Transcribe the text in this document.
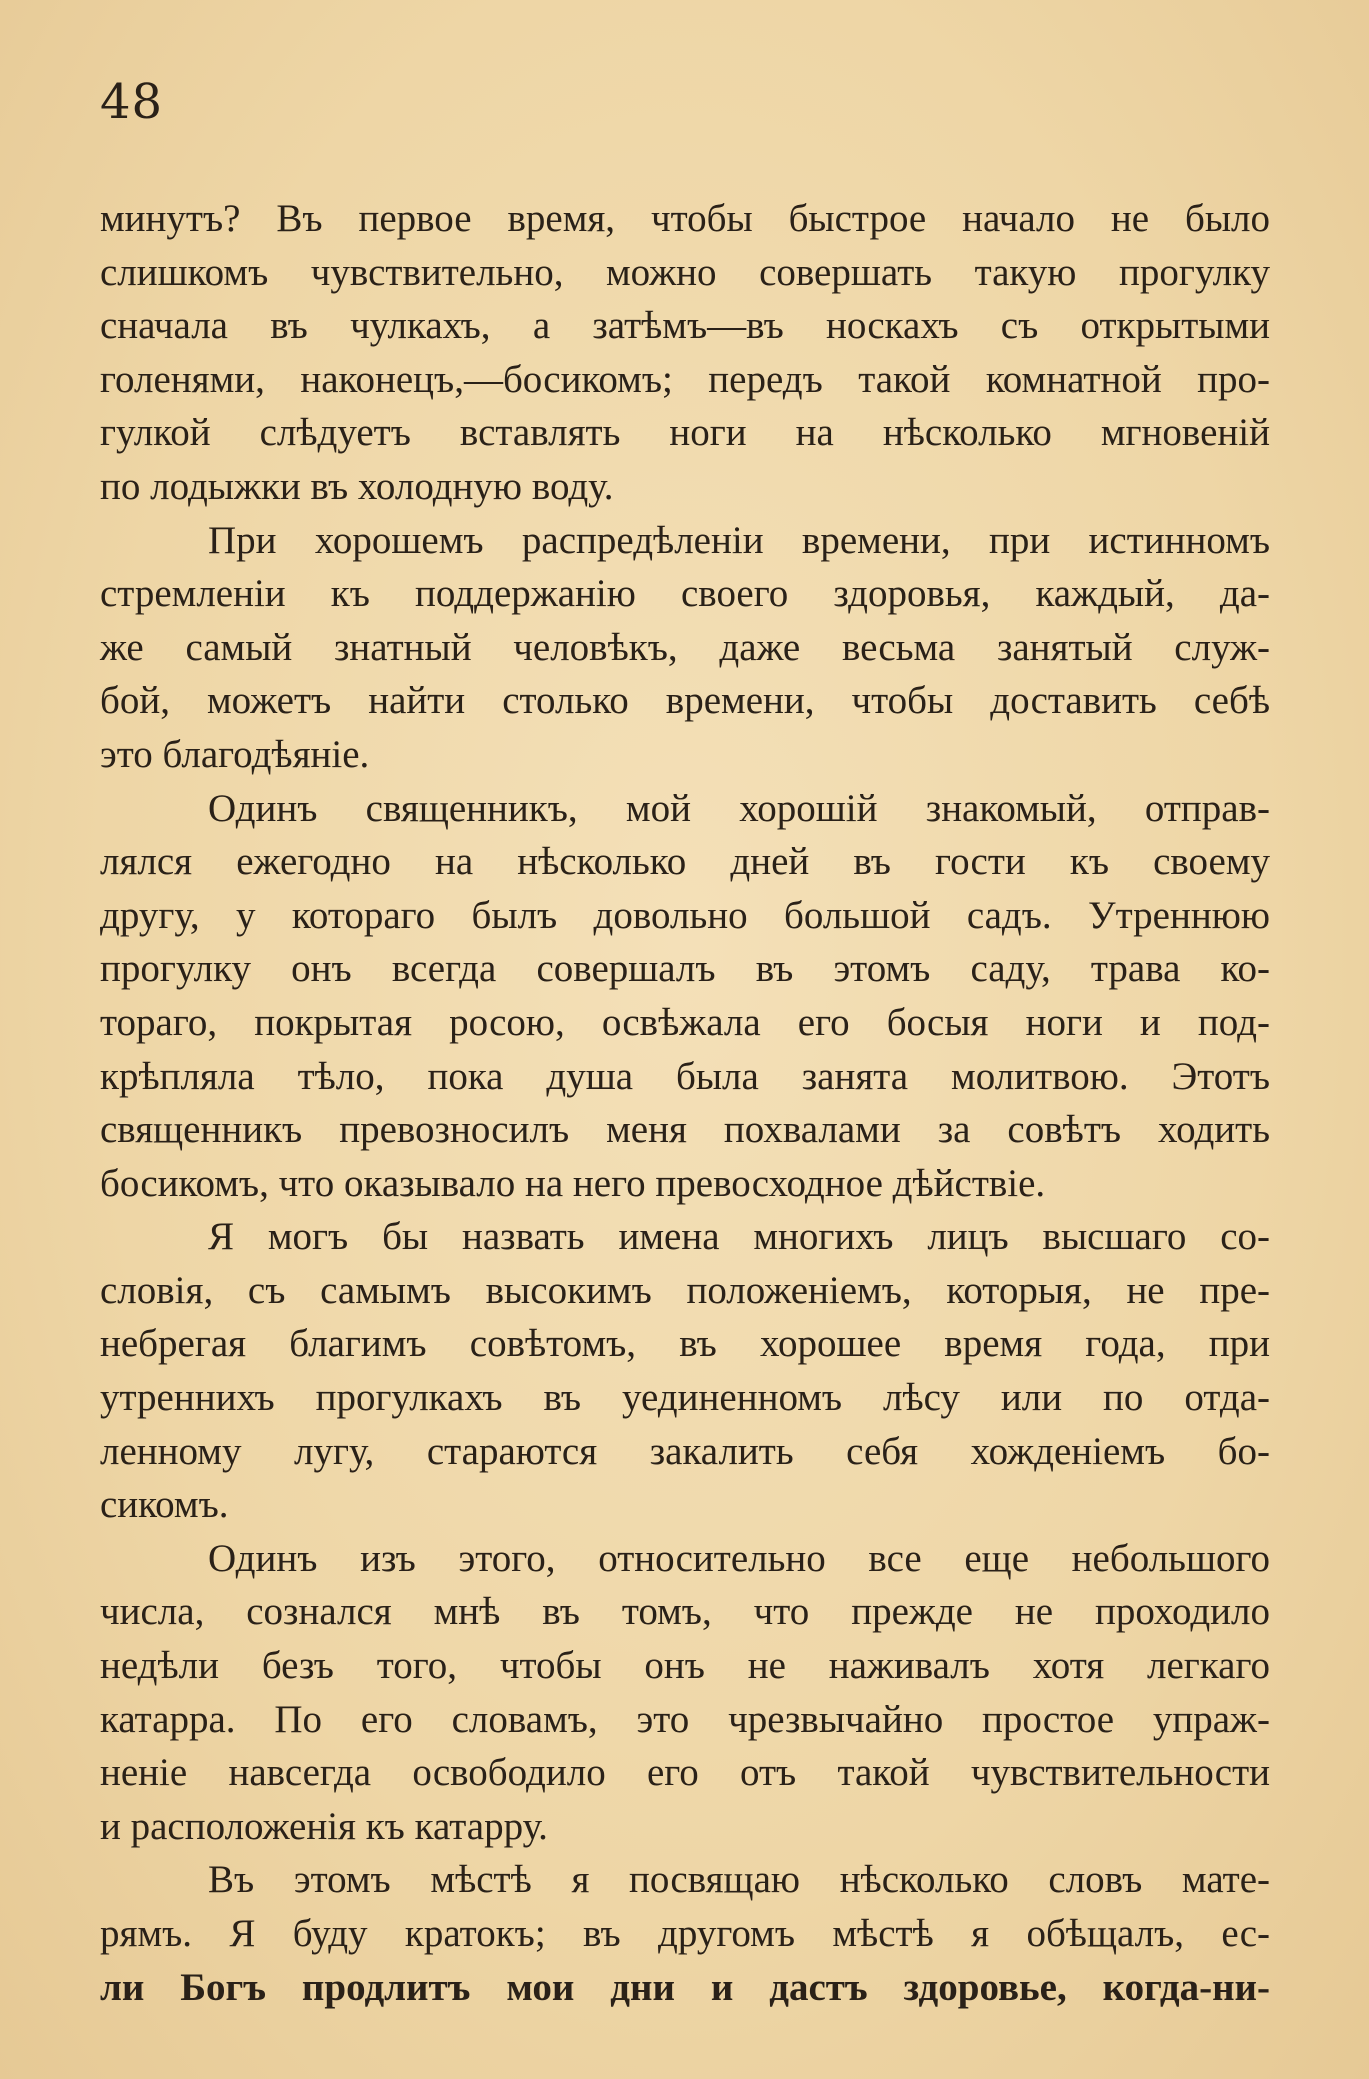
48
минутъ? Въ первое время, чтобы быстрое начало не было
слишкомъ чувствительно, можно совершать такую прогулку
сначала въ чулкахъ, а затѣмъ—въ носкахъ съ открытыми
голенями, наконецъ,—босикомъ; передъ такой комнатной про-
гулкой слѣдуетъ вставлять ноги на нѣсколько мгновеній
по лодыжки въ холодную воду.
При хорошемъ распредѣленіи времени, при истинномъ
стремленіи къ поддержанію своего здоровья, каждый, да-
же самый знатный человѣкъ, даже весьма занятый служ-
бой, можетъ найти столько времени, чтобы доставить себѣ
это благодѣяніе.
Одинъ священникъ, мой хорошій знакомый, отправ-
лялся ежегодно на нѣсколько дней въ гости къ своему
другу, у котораго былъ довольно большой садъ. Утреннюю
прогулку онъ всегда совершалъ въ этомъ саду, трава ко-
тораго, покрытая росою, освѣжала его босыя ноги и под-
крѣпляла тѣло, пока душа была занята молитвою. Этотъ
священникъ превозносилъ меня похвалами за совѣтъ ходить
босикомъ, что оказывало на него превосходное дѣйствіе.
Я могъ бы назвать имена многихъ лицъ высшаго со-
словія, съ самымъ высокимъ положеніемъ, которыя, не пре-
небрегая благимъ совѣтомъ, въ хорошее время года, при
утреннихъ прогулкахъ въ уединенномъ лѣсу или по отда-
ленному лугу, стараются закалить себя хожденіемъ бо-
сикомъ.
Одинъ изъ этого, относительно все еще небольшого
числа, сознался мнѣ въ томъ, что прежде не проходило
недѣли безъ того, чтобы онъ не наживалъ хотя легкаго
катарра. По его словамъ, это чрезвычайно простое упраж-
неніе навсегда освободило его отъ такой чувствительности
и расположенія къ катарру.
Въ этомъ мѣстѣ я посвящаю нѣсколько словъ мате-
рямъ. Я буду кратокъ; въ другомъ мѣстѣ я обѣщалъ, ес-
ли Богъ продлитъ мои дни и дастъ здоровье, когда-ни-
